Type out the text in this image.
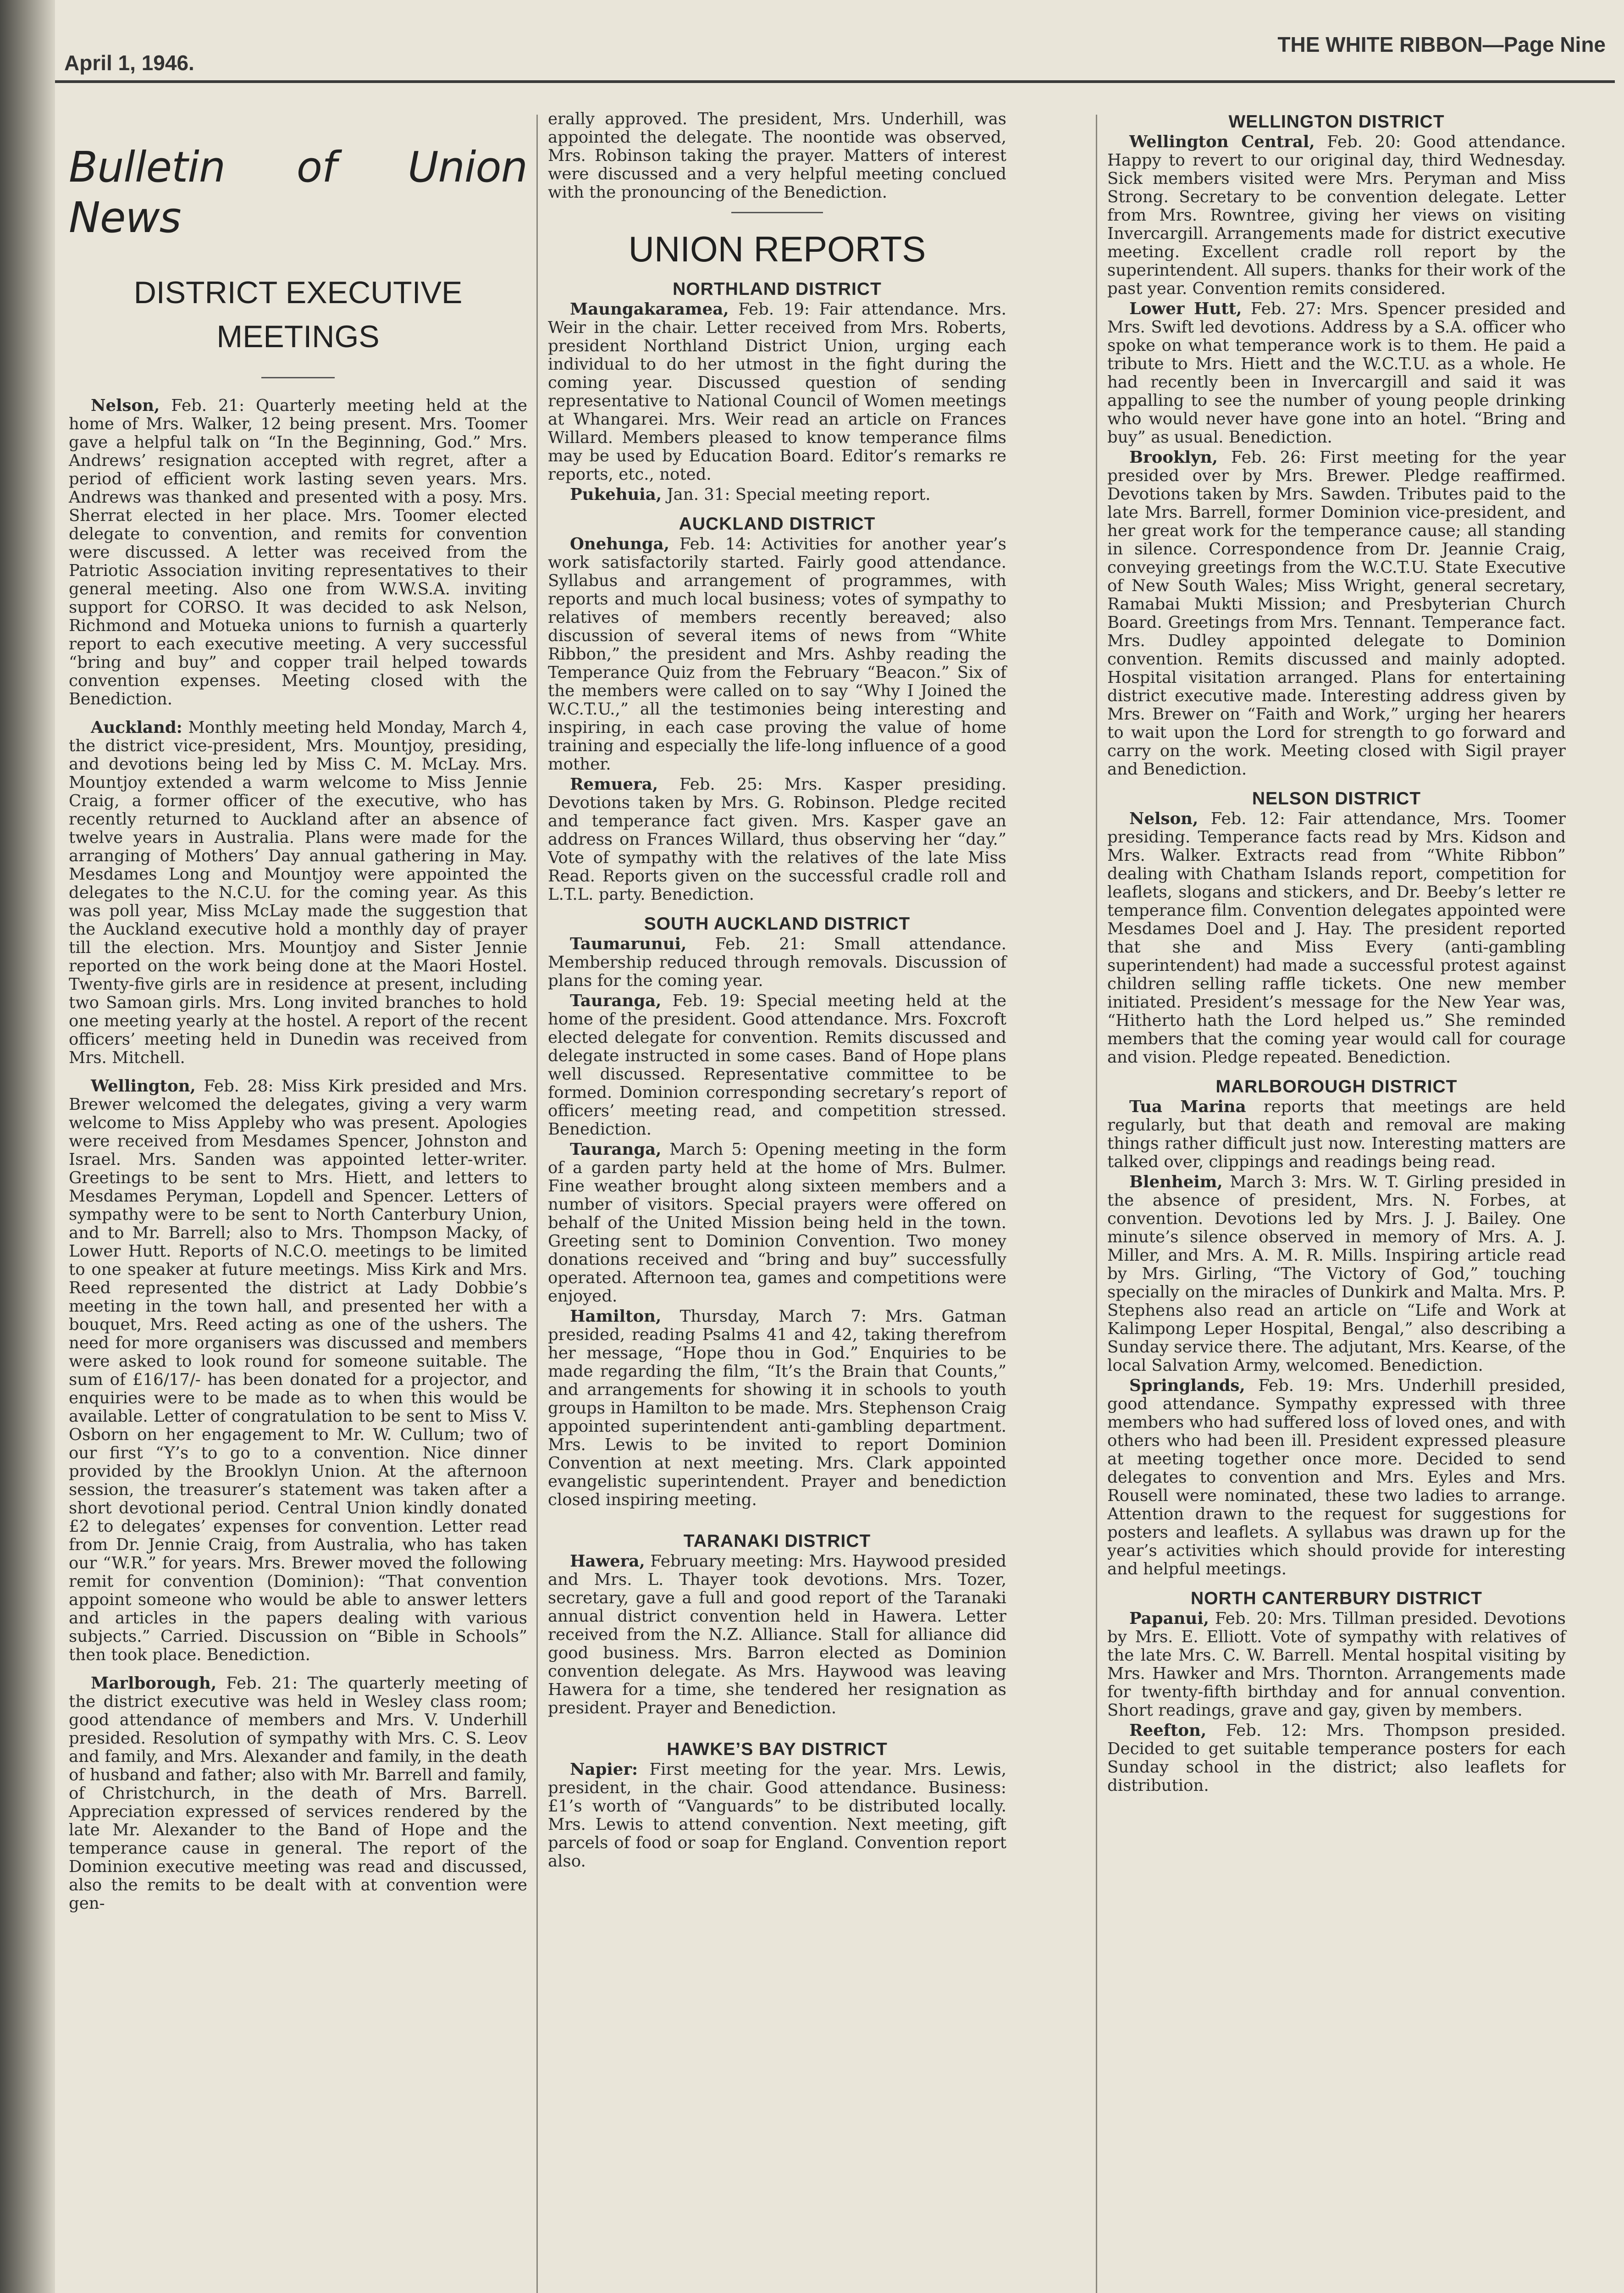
April 1, 1946.
THE WHITE RIBBON—Page Nine
Bulletin of Union News
DISTRICT EXECUTIVE
MEETINGS

Nelson, Feb. 21: Quarterly meeting held at the home of Mrs. Walker, 12 being present. Mrs. Toomer gave a helpful talk on “In the Beginning, God.” Mrs. Andrews’ resignation accepted with regret, after a period of efficient work lasting seven years. Mrs. Andrews was thanked and presented with a posy. Mrs. Sherrat elected in her place. Mrs. Toomer elected delegate to convention, and remits for convention were discussed. A letter was received from the Patriotic Association inviting representatives to their general meeting. Also one from W.W.S.A. inviting support for CORSO. It was decided to ask Nelson, Richmond and Motueka unions to furnish a quarterly report to each executive meeting. A very successful “bring and buy” and copper trail helped towards convention expenses. Meeting closed with the Benediction.

Auckland: Monthly meeting held Monday, March 4, the district vice-president, Mrs. Mountjoy, presiding, and devotions being led by Miss C. M. McLay. Mrs. Mountjoy extended a warm welcome to Miss Jennie Craig, a former officer of the executive, who has recently returned to Auckland after an absence of twelve years in Australia. Plans were made for the arranging of Mothers’ Day annual gathering in May. Mesdames Long and Mountjoy were appointed the delegates to the N.C.U. for the coming year. As this was poll year, Miss McLay made the suggestion that the Auckland executive hold a monthly day of prayer till the election. Mrs. Mountjoy and Sister Jennie reported on the work being done at the Maori Hostel. Twenty-five girls are in residence at present, including two Samoan girls. Mrs. Long invited branches to hold one meeting yearly at the hostel. A report of the recent officers’ meeting held in Dunedin was received from Mrs. Mitchell.

Wellington, Feb. 28: Miss Kirk presided and Mrs. Brewer welcomed the delegates, giving a very warm welcome to Miss Appleby who was present. Apologies were received from Mesdames Spencer, Johnston and Israel. Mrs. Sanden was appointed letter-writer. Greetings to be sent to Mrs. Hiett, and letters to Mesdames Peryman, Lopdell and Spencer. Letters of sympathy were to be sent to North Canterbury Union, and to Mr. Barrell; also to Mrs. Thompson Macky, of Lower Hutt. Reports of N.C.O. meetings to be limited to one speaker at future meetings. Miss Kirk and Mrs. Reed represented the district at Lady Dobbie’s meeting in the town hall, and presented her with a bouquet, Mrs. Reed acting as one of the ushers. The need for more organisers was discussed and members were asked to look round for someone suitable. The sum of £16/17/- has been donated for a projector, and enquiries were to be made as to when this would be available. Letter of congratulation to be sent to Miss V. Osborn on her engagement to Mr. W. Cullum; two of our first “Y’s to go to a convention. Nice dinner provided by the Brooklyn Union. At the afternoon session, the treasurer’s statement was taken after a short devotional period. Central Union kindly donated £2 to delegates’ expenses for convention. Letter read from Dr. Jennie Craig, from Australia, who has taken our “W.R.” for years. Mrs. Brewer moved the following remit for convention (Dominion): “That convention appoint someone who would be able to answer letters and articles in the papers dealing with various subjects.” Carried. Discussion on “Bible in Schools” then took place. Benediction.

Marlborough, Feb. 21: The quarterly meeting of the district executive was held in Wesley class room; good attendance of members and Mrs. V. Underhill presided. Resolution of sympathy with Mrs. C. S. Leov and family, and Mrs. Alexander and family, in the death of husband and father; also with Mr. Barrell and family, of Christchurch, in the death of Mrs. Barrell. Appreciation expressed of services rendered by the late Mr. Alexander to the Band of Hope and the temperance cause in general. The report of the Dominion executive meeting was read and discussed, also the remits to be dealt with at convention were gen-

erally approved. The president, Mrs. Underhill, was appointed the delegate. The noontide was observed, Mrs. Robinson taking the prayer. Matters of interest were discussed and a very helpful meeting conclued with the pronouncing of the Benediction.

UNION REPORTS
NORTHLAND DISTRICT

Maungakaramea, Feb. 19: Fair attendance. Mrs. Weir in the chair. Letter received from Mrs. Roberts, president Northland District Union, urging each individual to do her utmost in the fight during the coming year. Discussed question of sending representative to National Council of Women meetings at Whangarei. Mrs. Weir read an article on Frances Willard. Members pleased to know temperance films may be used by Education Board. Editor’s remarks re reports, etc., noted.

Pukehuia, Jan. 31: Special meeting report.

AUCKLAND DISTRICT

Onehunga, Feb. 14: Activities for another year’s work satisfactorily started. Fairly good attendance. Syllabus and arrangement of programmes, with reports and much local business; votes of sympathy to relatives of members recently bereaved; also discussion of several items of news from “White Ribbon,” the president and Mrs. Ashby reading the Temperance Quiz from the February “Beacon.” Six of the members were called on to say “Why I Joined the W.C.T.U.,” all the testimonies being interesting and inspiring, in each case proving the value of home training and especially the life-long influence of a good mother.

Remuera, Feb. 25: Mrs. Kasper presiding. Devotions taken by Mrs. G. Robinson. Pledge recited and temperance fact given. Mrs. Kasper gave an address on Frances Willard, thus observing her “day.” Vote of sympathy with the relatives of the late Miss Read. Reports given on the successful cradle roll and L.T.L. party. Benediction.

SOUTH AUCKLAND DISTRICT

Taumarunui, Feb. 21: Small attendance. Membership reduced through removals. Discussion of plans for the coming year.

Tauranga, Feb. 19: Special meeting held at the home of the president. Good attendance. Mrs. Foxcroft elected delegate for convention. Remits discussed and delegate instructed in some cases. Band of Hope plans well discussed. Representative committee to be formed. Dominion corresponding secretary’s report of officers’ meeting read, and competition stressed. Benediction.

Tauranga, March 5: Opening meeting in the form of a garden party held at the home of Mrs. Bulmer. Fine weather brought along sixteen members and a number of visitors. Special prayers were offered on behalf of the United Mission being held in the town. Greeting sent to Dominion Convention. Two money donations received and “bring and buy” successfully operated. Afternoon tea, games and competitions were enjoyed.

Hamilton, Thursday, March 7: Mrs. Gatman presided, reading Psalms 41 and 42, taking therefrom her message, “Hope thou in God.” Enquiries to be made regarding the film, “It’s the Brain that Counts,” and arrangements for showing it in schools to youth groups in Hamilton to be made. Mrs. Stephenson Craig appointed superintendent anti-gambling department. Mrs. Lewis to be invited to report Dominion Convention at next meeting. Mrs. Clark appointed evangelistic superintendent. Prayer and benediction closed inspiring meeting.

TARANAKI DISTRICT

Hawera, February meeting: Mrs. Haywood presided and Mrs. L. Thayer took devotions. Mrs. Tozer, secretary, gave a full and good report of the Taranaki annual district convention held in Hawera. Letter received from the N.Z. Alliance. Stall for alliance did good business. Mrs. Barron elected as Dominion convention delegate. As Mrs. Haywood was leaving Hawera for a time, she tendered her resignation as president. Prayer and Benediction.

HAWKE’S BAY DISTRICT

Napier: First meeting for the year. Mrs. Lewis, president, in the chair. Good attendance. Business: £1’s worth of “Vanguards” to be distributed locally. Mrs. Lewis to attend convention. Next meeting, gift parcels of food or soap for England. Convention report also.

WELLINGTON DISTRICT

Wellington Central, Feb. 20: Good attendance. Happy to revert to our original day, third Wednesday. Sick members visited were Mrs. Peryman and Miss Strong. Secretary to be convention delegate. Letter from Mrs. Rowntree, giving her views on visiting Invercargill. Arrangements made for district executive meeting. Excellent cradle roll report by the superintendent. All supers. thanks for their work of the past year. Convention remits considered.

Lower Hutt, Feb. 27: Mrs. Spencer presided and Mrs. Swift led devotions. Address by a S.A. officer who spoke on what temperance work is to them. He paid a tribute to Mrs. Hiett and the W.C.T.U. as a whole. He had recently been in Invercargill and said it was appalling to see the number of young people drinking who would never have gone into an hotel. “Bring and buy” as usual. Benediction.

Brooklyn, Feb. 26: First meeting for the year presided over by Mrs. Brewer. Pledge reaffirmed. Devotions taken by Mrs. Sawden. Tributes paid to the late Mrs. Barrell, former Dominion vice-president, and her great work for the temperance cause; all standing in silence. Correspondence from Dr. Jeannie Craig, conveying greetings from the W.C.T.U. State Executive of New South Wales; Miss Wright, general secretary, Ramabai Mukti Mission; and Presbyterian Church Board. Greetings from Mrs. Tennant. Temperance fact. Mrs. Dudley appointed delegate to Dominion convention. Remits discussed and mainly adopted. Hospital visitation arranged. Plans for entertaining district executive made. Interesting address given by Mrs. Brewer on “Faith and Work,” urging her hearers to wait upon the Lord for strength to go forward and carry on the work. Meeting closed with Sigil prayer and Benediction.

NELSON DISTRICT

Nelson, Feb. 12: Fair attendance, Mrs. Toomer presiding. Temperance facts read by Mrs. Kidson and Mrs. Walker. Extracts read from “White Ribbon” dealing with Chatham Islands report, competition for leaflets, slogans and stickers, and Dr. Beeby’s letter re temperance film. Convention delegates appointed were Mesdames Doel and J. Hay. The president reported that she and Miss Every (anti-gambling superintendent) had made a successful protest against children selling raffle tickets. One new member initiated. President’s message for the New Year was, “Hitherto hath the Lord helped us.” She reminded members that the coming year would call for courage and vision. Pledge repeated. Benediction.

MARLBOROUGH DISTRICT

Tua Marina reports that meetings are held regularly, but that death and removal are making things rather difficult just now. Interesting matters are talked over, clippings and readings being read.

Blenheim, March 3: Mrs. W. T. Girling presided in the absence of president, Mrs. N. Forbes, at convention. Devotions led by Mrs. J. J. Bailey. One minute’s silence observed in memory of Mrs. A. J. Miller, and Mrs. A. M. R. Mills. Inspiring article read by Mrs. Girling, “The Victory of God,” touching specially on the miracles of Dunkirk and Malta. Mrs. P. Stephens also read an article on “Life and Work at Kalimpong Leper Hospital, Bengal,” also describing a Sunday service there. The adjutant, Mrs. Kearse, of the local Salvation Army, welcomed. Benediction.

Springlands, Feb. 19: Mrs. Underhill presided, good attendance. Sympathy expressed with three members who had suffered loss of loved ones, and with others who had been ill. President expressed pleasure at meeting together once more. Decided to send delegates to convention and Mrs. Eyles and Mrs. Rousell were nominated, these two ladies to arrange. Attention drawn to the request for suggestions for posters and leaflets. A syllabus was drawn up for the year’s activities which should provide for interesting and helpful meetings.

NORTH CANTERBURY DISTRICT

Papanui, Feb. 20: Mrs. Tillman presided. Devotions by Mrs. E. Elliott. Vote of sympathy with relatives of the late Mrs. C. W. Barrell. Mental hospital visiting by Mrs. Hawker and Mrs. Thornton. Arrangements made for twenty-fifth birthday and for annual convention. Short readings, grave and gay, given by members.

Reefton, Feb. 12: Mrs. Thompson presided. Decided to get suitable temperance posters for each Sunday school in the district; also leaflets for distribution.
